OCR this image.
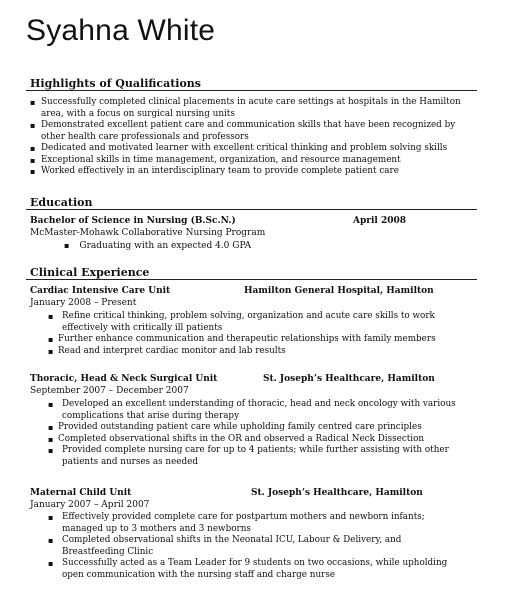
Syahna White
Highlights of Qualifications
▪ Successfully completed clinical placements in acute care settings at hospitals in the Hamilton area, with a focus on surgical nursing units
▪ Demonstrated excellent patient care and communication skills that have been recognized by other health care professionals and professors
▪ Dedicated and motivated learner with excellent critical thinking and problem solving skills
▪ Exceptional skills in time management, organization, and resource management
▪ Worked effectively in an interdisciplinary team to provide complete patient care
Education

Bachelor of Science in Nursing (B.Sc.N.)	April 2008

McMaster-Mohawk Collaborative Nursing Program

▪ Graduating with an expected 4.0 GPA

Clinical Experience

Cardiac Intensive Care Unit	Hamilton General Hospital, Hamilton

January 2008 – Present

▪ Refine critical thinking, problem solving, organization and acute care skills to work effectively with critically ill patients
▪ Further enhance communication and therapeutic relationships with family members
▪ Read and interpret cardiac monitor and lab results

Thoracic, Head & Neck Surgical Unit	St. Joseph’s Healthcare, Hamilton

September 2007 – December 2007

▪ Developed an excellent understanding of thoracic, head and neck oncology with various complications that arise during therapy
▪ Provided outstanding patient care while upholding family centred care principles
▪ Completed observational shifts in the OR and observed a Radical Neck Dissection
▪ Provided complete nursing care for up to 4 patients; while further assisting with other patients and nurses as needed

Maternal Child Unit	St. Joseph’s Healthcare, Hamilton

January 2007 – April 2007

▪ Effectively provided complete care for postpartum mothers and newborn infants; managed up to 3 mothers and 3 newborns
▪ Completed observational shifts in the Neonatal ICU, Labour & Delivery, and Breastfeeding Clinic
▪ Successfully acted as a Team Leader for 9 students on two occasions, while upholding open communication with the nursing staff and charge nurse
